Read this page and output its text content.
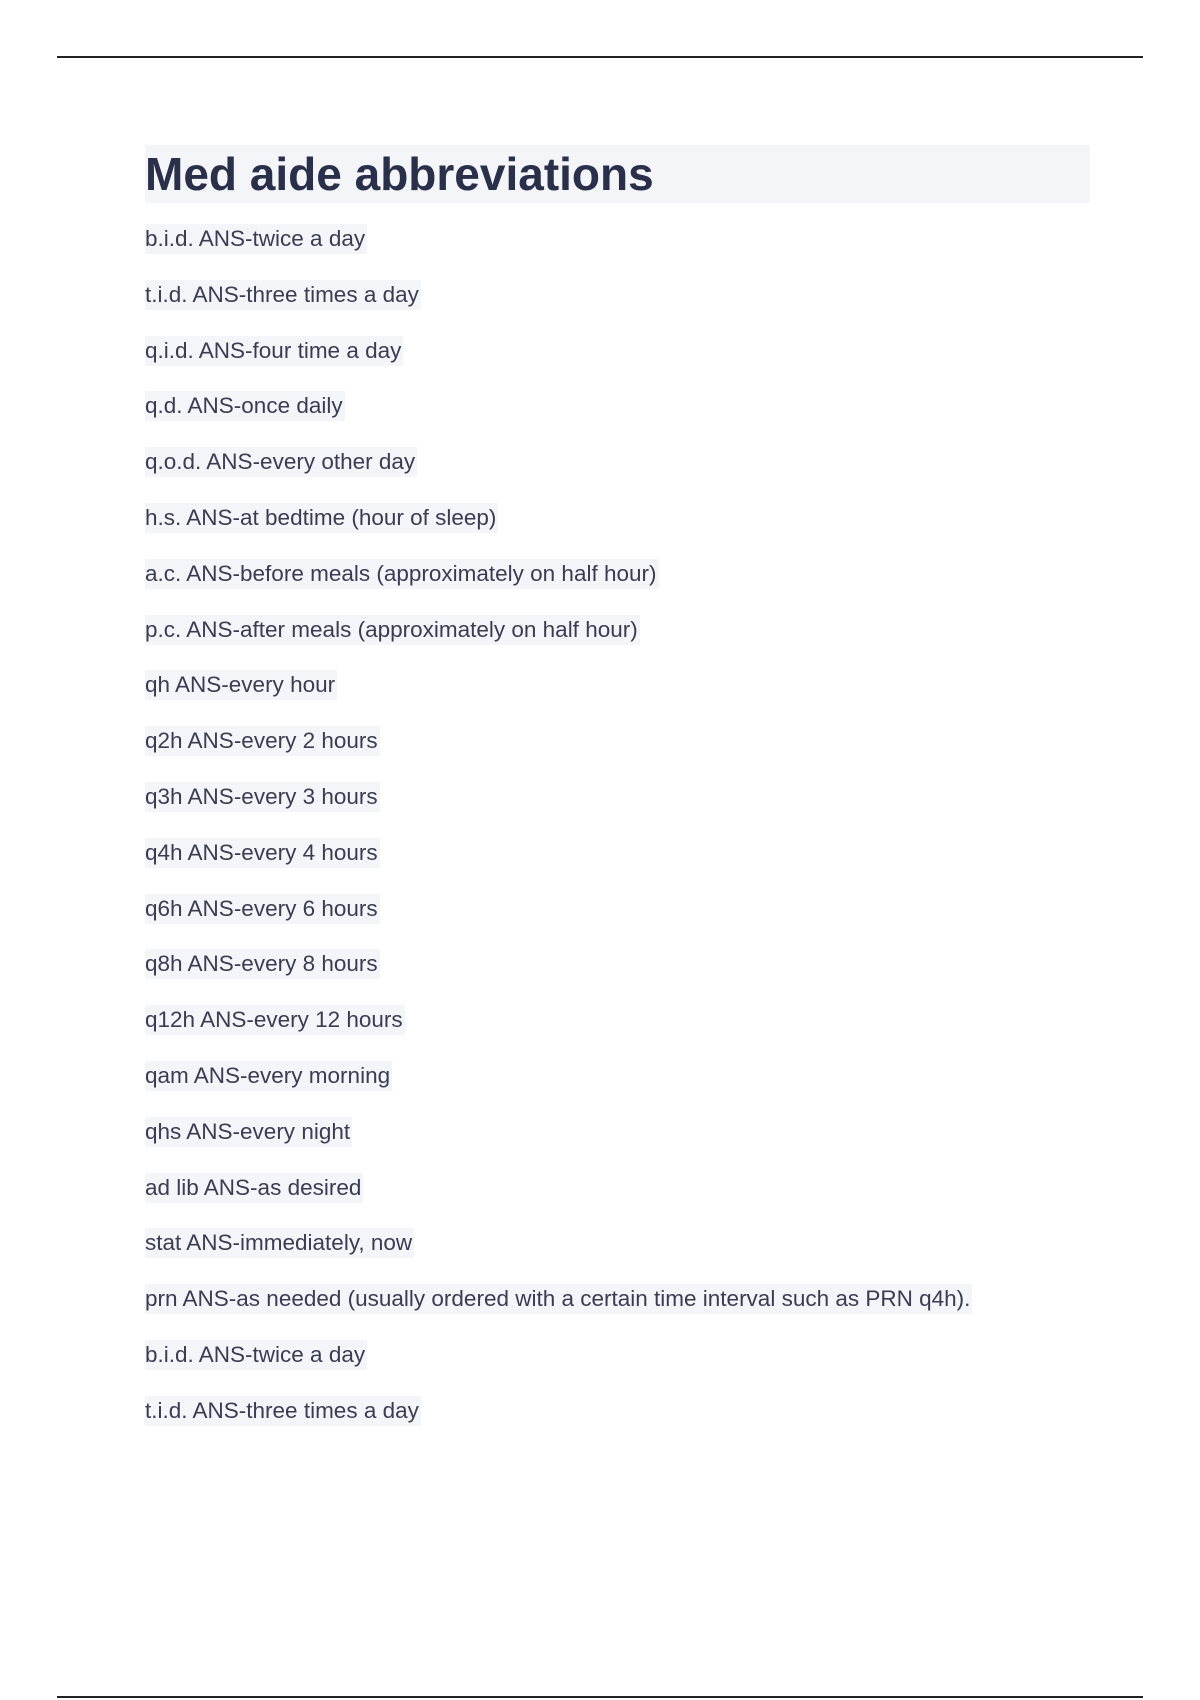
Med aide abbreviations
b.i.d. ANS-twice a day
t.i.d. ANS-three times a day
q.i.d. ANS-four time a day
q.d. ANS-once daily
q.o.d. ANS-every other day
h.s. ANS-at bedtime (hour of sleep)
a.c. ANS-before meals (approximately on half hour)
p.c. ANS-after meals (approximately on half hour)
qh ANS-every hour
q2h ANS-every 2 hours
q3h ANS-every 3 hours
q4h ANS-every 4 hours
q6h ANS-every 6 hours
q8h ANS-every 8 hours
q12h ANS-every 12 hours
qam ANS-every morning
qhs ANS-every night
ad lib ANS-as desired
stat ANS-immediately, now
prn ANS-as needed (usually ordered with a certain time interval such as PRN q4h).
b.i.d. ANS-twice a day
t.i.d. ANS-three times a day
